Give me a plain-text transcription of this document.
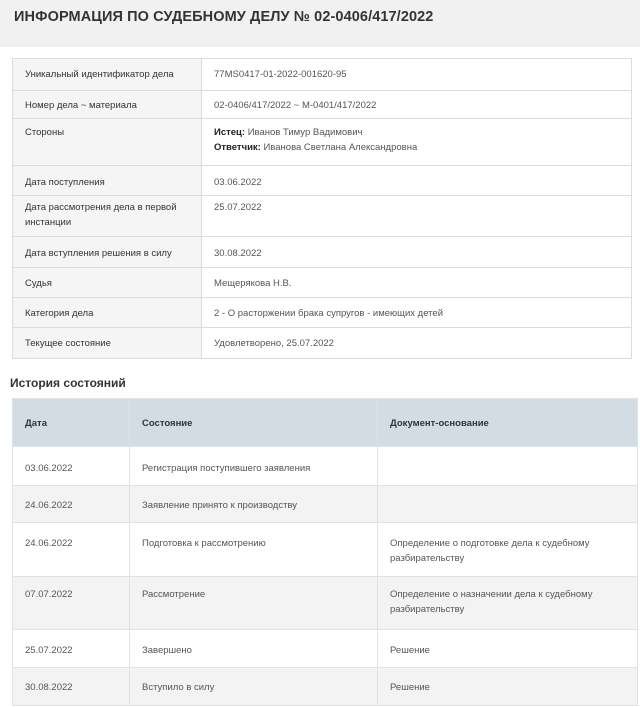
ИНФОРМАЦИЯ ПО СУДЕБНОМУ ДЕЛУ № 02-0406/417/2022
Уникальный идентификатор дела	77MS0417-01-2022-001620-95
Номер дела ~ материала	02-0406/417/2022 ~ М-0401/417/2022
Стороны	Истец: Иванов Тимур Вадимович
Ответчик: Иванова Светлана Александровна

Дата поступления	03.06.2022
Дата рассмотрения дела в первой инстанции	25.07.2022
Дата вступления решения в силу	30.08.2022
Судья	Мещерякова Н.В.
Категория дела	2 - О расторжении брака супругов - имеющих детей
Текущее состояние	Удовлетворено, 25.07.2022
История состояний
Дата	Состояние	Документ-основание
03.06.2022	Регистрация поступившего заявления	
24.06.2022	Заявление принято к производству	
24.06.2022	Подготовка к рассмотрению	Определение о подготовке дела к судебному разбирательству
07.07.2022	Рассмотрение	Определение о назначении дела к судебному разбирательству
25.07.2022	Завершено	Решение
30.08.2022	Вступило в силу	Решение
